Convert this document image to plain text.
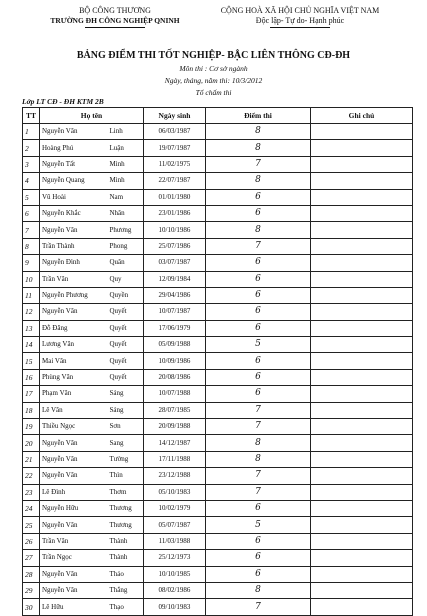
BỘ CÔNG THƯƠNG
TRƯỜNG ĐH CÔNG NGHIỆP QNINH
CỘNG HOÀ XÃ HỘI CHỦ NGHĨA VIỆT NAM
Độc lập- Tự do- Hạnh phúc
BẢNG ĐIỂM THI TỐT NGHIỆP- BẬC LIÊN THÔNG CĐ-ĐH
Môn thi : Cơ sở ngành
Ngày, tháng, năm thi: 10/3/2012
Tổ chấm thi
Lớp LT CĐ - ĐH KTM 2B
TT	Họ tên		Ngày sinh	Điểm thi	Ghi chú
1	Nguyễn Văn	Linh	06/03/1987	8	
2	Hoàng Phú	Luận	19/07/1987	8	
3	Nguyễn Tất	Minh	11/02/1975	7	
4	Nguyễn Quang	Minh	22/07/1987	8	
5	Vũ Hoài	Nam	01/01/1980	6	
6	Nguyễn Khắc	Nhân	23/01/1986	6	
7	Nguyễn Văn	Phương	10/10/1986	8	
8	Trần Thành	Phong	25/07/1986	7	
9	Nguyễn Đình	Quân	03/07/1987	6	
10	Trần Văn	Quy	12/09/1984	6	
11	Nguyễn Phương	Quyền	29/04/1986	6	
12	Nguyễn Văn	Quyết	10/07/1987	6	
13	Đỗ Đăng	Quyết	17/06/1979	6	
14	Lương Văn	Quyết	05/09/1988	5	
15	Mai Văn	Quyết	10/09/1986	6	
16	Phùng Văn	Quyết	20/08/1986	6	
17	Phạm Văn	Sáng	10/07/1988	6	
18	Lê Văn	Sáng	28/07/1985	7	
19	Thiều Ngọc	Sơn	20/09/1988	7	
20	Nguyễn Văn	Sang	14/12/1987	8	
21	Nguyễn Văn	Tường	17/11/1988	8	
22	Nguyễn Văn	Thìn	23/12/1988	7	
23	Lê Đình	Thơm	05/10/1983	7	
24	Nguyễn Hữu	Thương	10/02/1979	6	
25	Nguyễn Văn	Thương	05/07/1987	5	
26	Trần Văn	Thành	11/03/1988	6	
27	Trần Ngọc	Thành	25/12/1973	6	
28	Nguyễn Văn	Thảo	10/10/1985	6	
29	Nguyễn Văn	Thắng	08/02/1986	8	
30	Lê Hữu	Thạo	09/10/1983	7	
